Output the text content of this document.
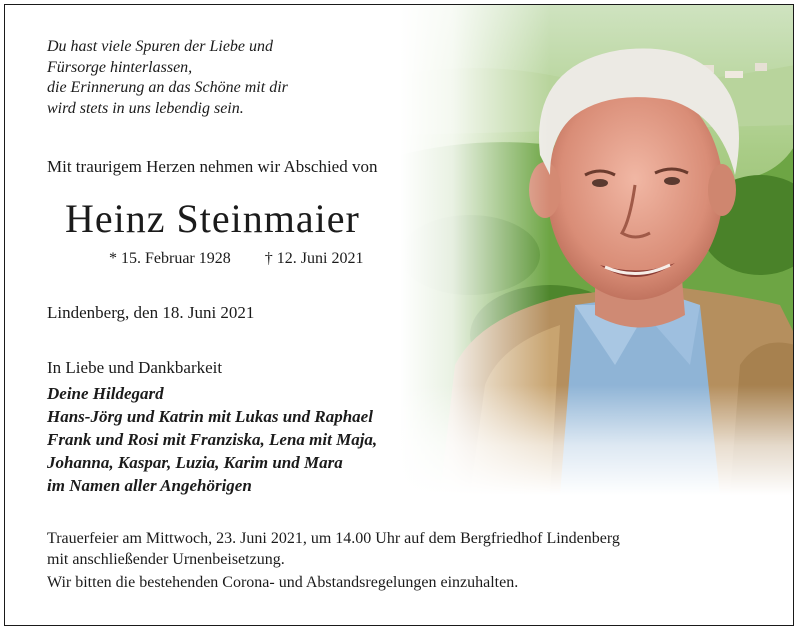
Du hast viele Spuren der Liebe und
Fürsorge hinterlassen,
die Erinnerung an das Schöne mit dir
wird stets in uns lebendig sein.
Mit traurigem Herzen nehmen wir Abschied von
Heinz Steinmaier
* 15. Februar 1928 † 12. Juni 2021
Lindenberg, den 18. Juni 2021
In Liebe und Dankbarkeit
Deine Hildegard
Hans-Jörg und Katrin mit Lukas und Raphael
Frank und Rosi mit Franziska, Lena mit Maja,
Johanna, Kaspar, Luzia, Karim und Mara
im Namen aller Angehörigen
Trauerfeier am Mittwoch, 23. Juni 2021, um 14.00 Uhr auf dem Bergfriedhof Lindenberg
mit anschließender Urnenbeisetzung.
Wir bitten die bestehenden Corona- und Abstandsregelungen einzuhalten.
